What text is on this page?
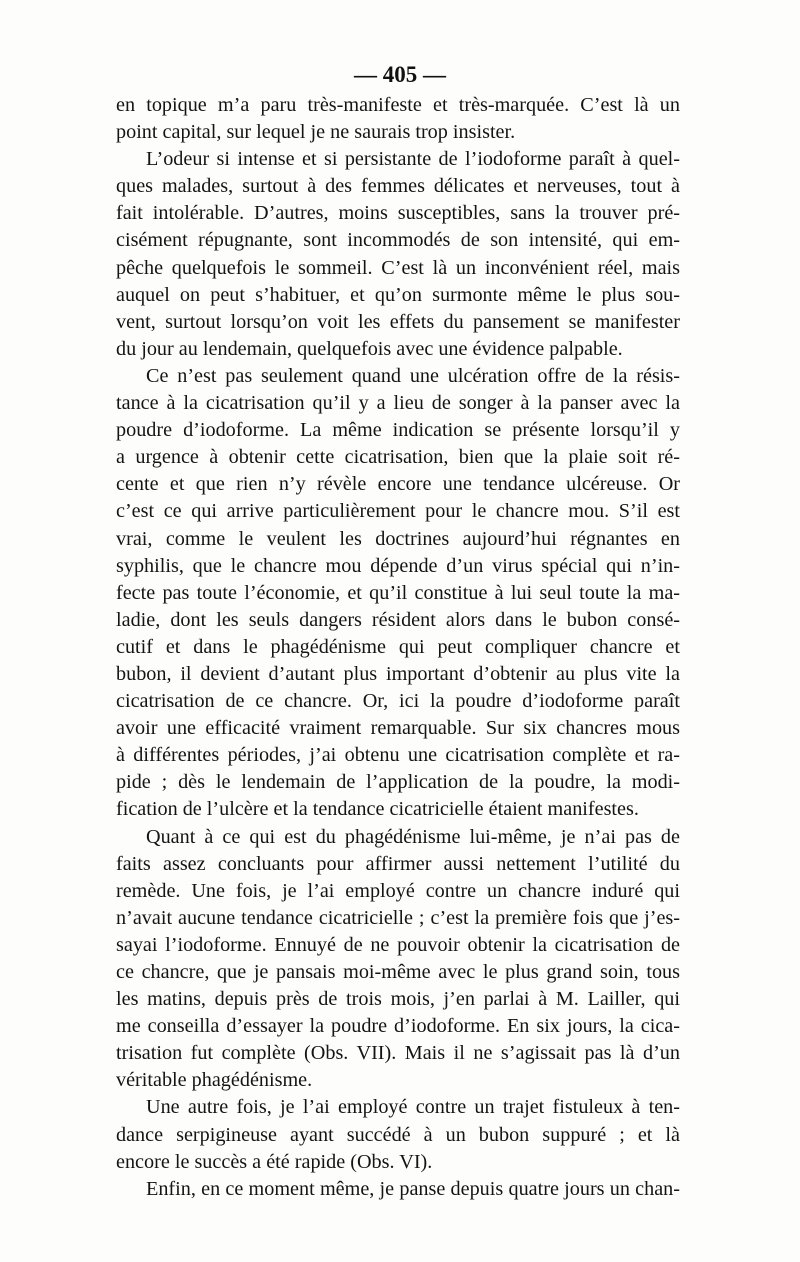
— 405 —
en topique m’a paru très-manifeste et très-marquée. C’est là un
point capital, sur lequel je ne saurais trop insister.
L’odeur si intense et si persistante de l’iodoforme paraît à quel-
ques malades, surtout à des femmes délicates et nerveuses, tout à
fait intolérable. D’autres, moins susceptibles, sans la trouver pré-
cisément répugnante, sont incommodés de son intensité, qui em-
pêche quelquefois le sommeil. C’est là un inconvénient réel, mais
auquel on peut s’habituer, et qu’on surmonte même le plus sou-
vent, surtout lorsqu’on voit les effets du pansement se manifester
du jour au lendemain, quelquefois avec une évidence palpable.
Ce n’est pas seulement quand une ulcération offre de la résis-
tance à la cicatrisation qu’il y a lieu de songer à la panser avec la
poudre d’iodoforme. La même indication se présente lorsqu’il y
a urgence à obtenir cette cicatrisation, bien que la plaie soit ré-
cente et que rien n’y révèle encore une tendance ulcéreuse. Or
c’est ce qui arrive particulièrement pour le chancre mou. S’il est
vrai, comme le veulent les doctrines aujourd’hui régnantes en
syphilis, que le chancre mou dépende d’un virus spécial qui n’in-
fecte pas toute l’économie, et qu’il constitue à lui seul toute la ma-
ladie, dont les seuls dangers résident alors dans le bubon consé-
cutif et dans le phagédénisme qui peut compliquer chancre et
bubon, il devient d’autant plus important d’obtenir au plus vite la
cicatrisation de ce chancre. Or, ici la poudre d’iodoforme paraît
avoir une efficacité vraiment remarquable. Sur six chancres mous
à différentes périodes, j’ai obtenu une cicatrisation complète et ra-
pide ; dès le lendemain de l’application de la poudre, la modi-
fication de l’ulcère et la tendance cicatricielle étaient manifestes.
Quant à ce qui est du phagédénisme lui-même, je n’ai pas de
faits assez concluants pour affirmer aussi nettement l’utilité du
remède. Une fois, je l’ai employé contre un chancre induré qui
n’avait aucune tendance cicatricielle ; c’est la première fois que j’es-
sayai l’iodoforme. Ennuyé de ne pouvoir obtenir la cicatrisation de
ce chancre, que je pansais moi-même avec le plus grand soin, tous
les matins, depuis près de trois mois, j’en parlai à M. Lailler, qui
me conseilla d’essayer la poudre d’iodoforme. En six jours, la cica-
trisation fut complète (Obs. VII). Mais il ne s’agissait pas là d’un
véritable phagédénisme.
Une autre fois, je l’ai employé contre un trajet fistuleux à ten-
dance serpigineuse ayant succédé à un bubon suppuré ; et là
encore le succès a été rapide (Obs. VI).
Enfin, en ce moment même, je panse depuis quatre jours un chan-
